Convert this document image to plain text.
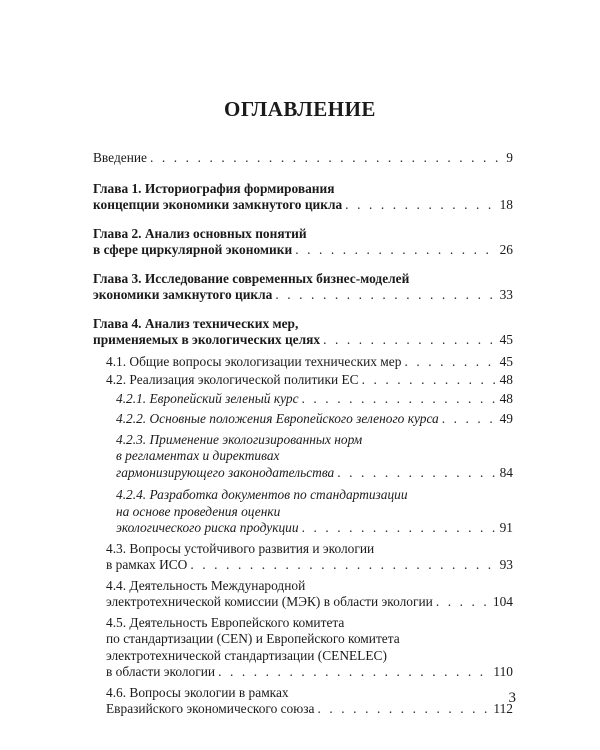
ОГЛАВЛЕНИЕ
Введение . . .	9
Глава 1. Историография формирования
концепции экономики замкнутого цикла . . .	18
Глава 2. Анализ основных понятий
в сфере циркулярной экономики . . .	26
Глава 3. Исследование современных бизнес-моделей
экономики замкнутого цикла . . .	33
Глава 4. Анализ технических мер,
применяемых в экологических целях . . .	45
4.1. Общие вопросы экологизации технических мер . . .	45
4.2. Реализация экологической политики ЕС . . .	48
4.2.1. Европейский зеленый курс . . .	48
4.2.2. Основные положения Европейского зеленого курса . . .	49
4.2.3. Применение экологизированных норм
в регламентах и директивах
гармонизирующего законодательства . . .	84
4.2.4. Разработка документов по стандартизации
на основе проведения оценки
экологического риска продукции . . .	91
4.3. Вопросы устойчивого развития и экологии
в рамках ИСО . . .	93
4.4. Деятельность Международной
электротехнической комиссии (МЭК) в области экологии . . .	104
4.5. Деятельность Европейского комитета
по стандартизации (CEN) и Европейского комитета
электротехнической стандартизации (CENELEC)
в области экологии . . .	110
4.6. Вопросы экологии в рамках
Евразийского экономического союза . . .	112
3
